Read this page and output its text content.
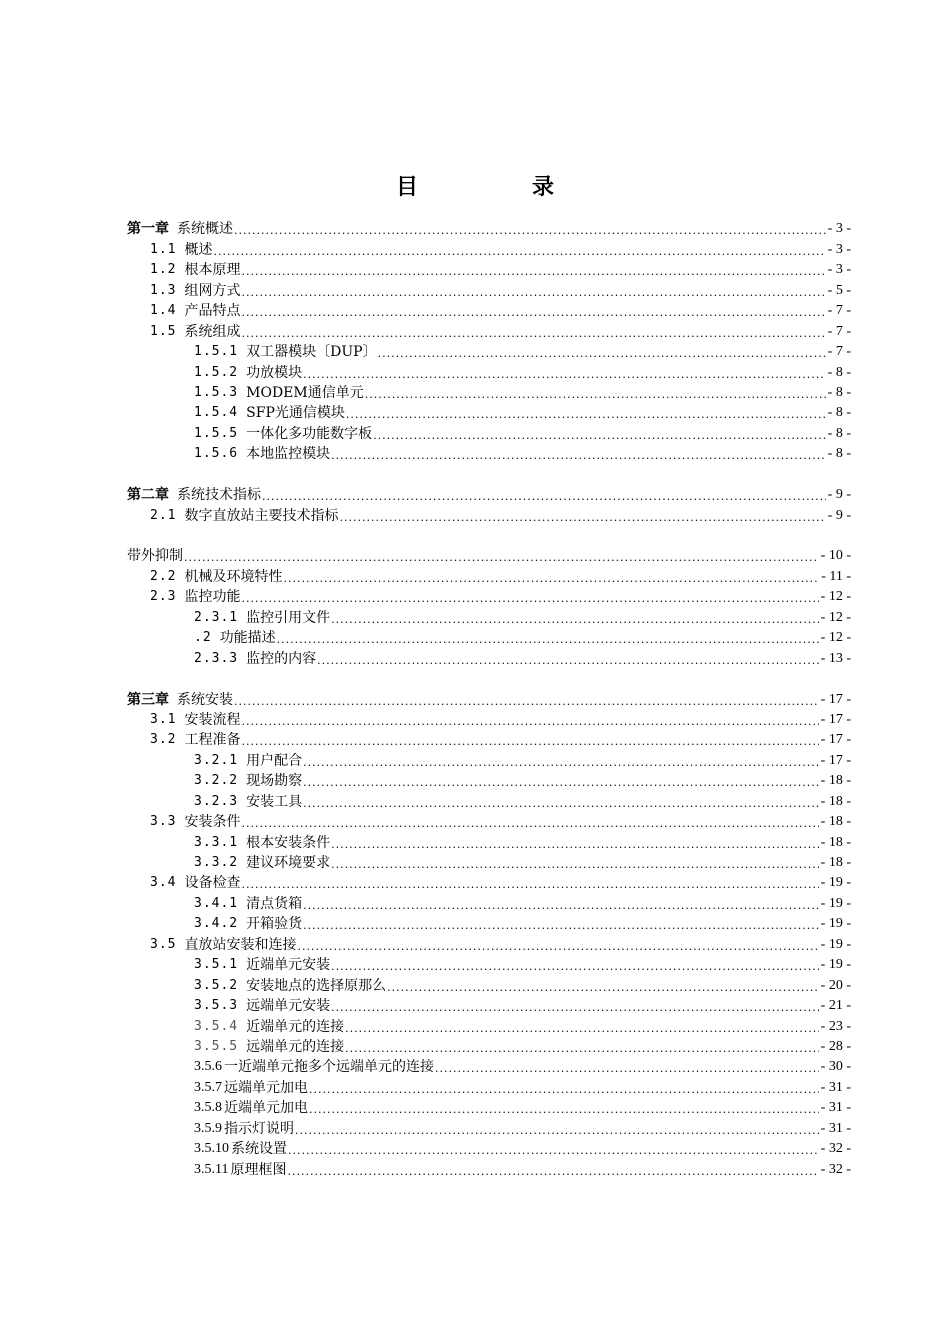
目　录
第一章 系统概述 .....	- 3 -
1.1 概述 .....	- 3 -
1.2 根本原理 .....	- 3 -
1.3 组网方式 .....	- 5 -
1.4 产品特点 .....	- 7 -
1.5 系统组成 .....	- 7 -
1.5.1 双工器模块〔DUP〕 .....	- 7 -
1.5.2 功放模块 .....	- 8 -
1.5.3 MODEM通信单元 .....	- 8 -
1.5.4 SFP光通信模块 .....	- 8 -
1.5.5 一体化多功能数字板 .....	- 8 -
1.5.6 本地监控模块 .....	- 8 -
第二章 系统技术指标 .....	- 9 -
2.1 数字直放站主要技术指标 .....	- 9 -
带外抑制 .....	- 10 -
2.2 机械及环境特性 .....	- 11 -
2.3 监控功能 .....	- 12 -
2.3.1 监控引用文件 .....	- 12 -
.2 功能描述 .....	- 12 -
2.3.3 监控的内容 .....	- 13 -
第三章 系统安装 .....	- 17 -
3.1 安装流程 .....	- 17 -
3.2 工程准备 .....	- 17 -
3.2.1 用户配合 .....	- 17 -
3.2.2 现场勘察 .....	- 18 -
3.2.3 安装工具 .....	- 18 -
3.3 安装条件 .....	- 18 -
3.3.1 根本安装条件 .....	- 18 -
3.3.2 建议环境要求 .....	- 18 -
3.4 设备检查 .....	- 19 -
3.4.1 清点货箱 .....	- 19 -
3.4.2 开箱验货 .....	- 19 -
3.5 直放站安装和连接 .....	- 19 -
3.5.1 近端单元安装 .....	- 19 -
3.5.2 安装地点的选择原那么 .....	- 20 -
3.5.3 远端单元安装 .....	- 21 -
3.5.4 近端单元的连接 .....	- 23 -
3.5.5 远端单元的连接 .....	- 28 -
3.5.6 一近端单元拖多个远端单元的连接 .....	- 30 -
3.5.7 远端单元加电 .....	- 31 -
3.5.8 近端单元加电 .....	- 31 -
3.5.9 指示灯说明 .....	- 31 -
3.5.10 系统设置 .....	- 32 -
3.5.11 原理框图 .....	- 32 -
